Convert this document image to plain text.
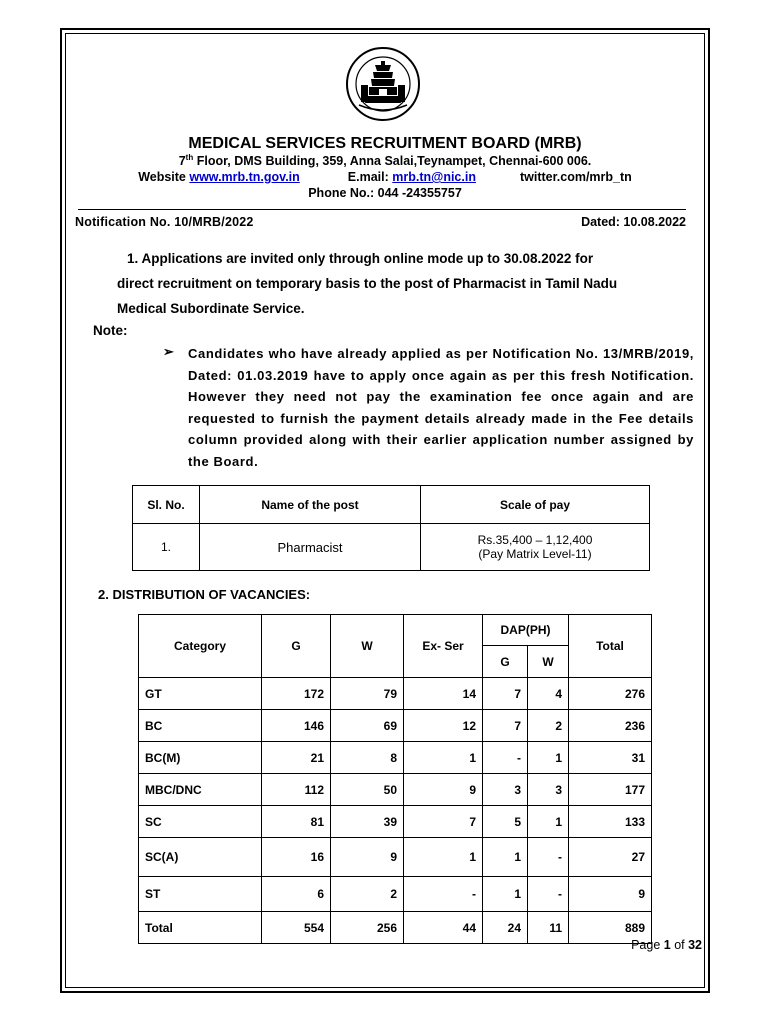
MEDICAL SERVICES RECRUITMENT BOARD (MRB)
7th Floor, DMS Building, 359, Anna Salai,Teynampet, Chennai-600 006.
Website www.mrb.tn.gov.in	E.mail: mrb.tn@nic.in	twitter.com/mrb_tn
Phone No.: 044 -24355757
Notification No. 10/MRB/2022	Dated: 10.08.2022
1. Applications are invited only through online mode up to 30.08.2022 for
direct recruitment on temporary basis to the post of Pharmacist in Tamil Nadu
Medical Subordinate Service.
Note:
➢ Candidates who have already applied as per Notification No. 13/MRB/2019, Dated: 01.03.2019 have to apply once again as per this fresh Notification. However they need not pay the examination fee once again and are requested to furnish the payment details already made in the Fee details column provided along with their earlier application number assigned by the Board.
Sl. No.	Name of the post	Scale of pay
1.	Pharmacist	Rs.35,400 – 1,12,400
(Pay Matrix Level-11)
2. DISTRIBUTION OF VACANCIES:
Category	G	W	Ex- Ser	DAP(PH)		Total
				G	W	
GT	172	79	14	7	4	276
BC	146	69	12	7	2	236
BC(M)	21	8	1	-	1	31
MBC/DNC	112	50	9	3	3	177
SC	81	39	7	5	1	133
SC(A)	16	9	1	1	-	27
ST	6	2	-	1	-	9
Total	554	256	44	24	11	889
Page 1 of 32
